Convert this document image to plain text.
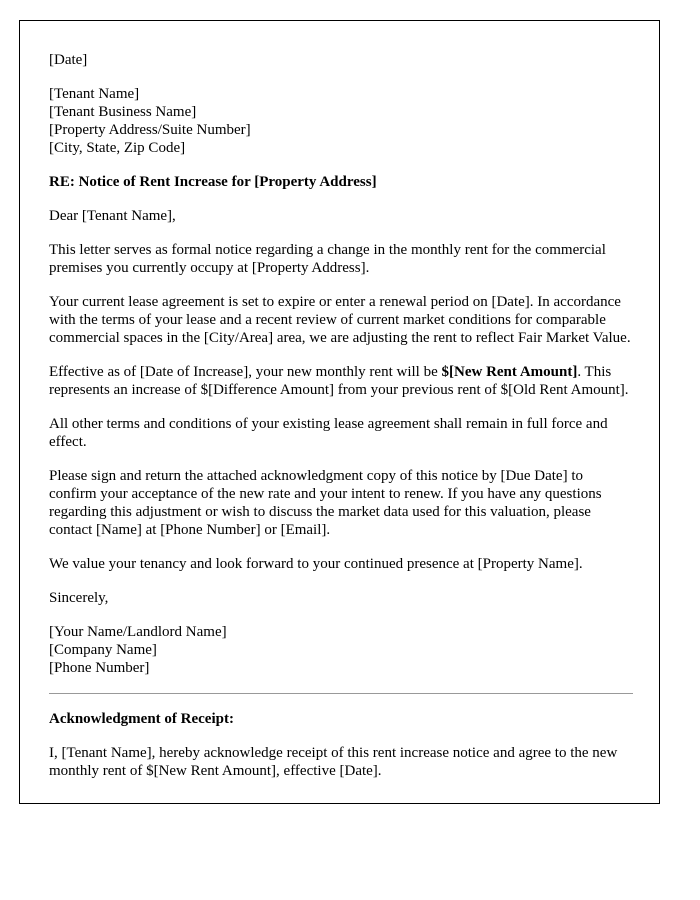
[Date]

[Tenant Name]
[Tenant Business Name]
[Property Address/Suite Number]
[City, State, Zip Code]

RE: Notice of Rent Increase for [Property Address]

Dear [Tenant Name],

This letter serves as formal notice regarding a change in the monthly rent for the commercial premises you currently occupy at [Property Address].

Your current lease agreement is set to expire or enter a renewal period on [Date]. In accordance with the terms of your lease and a recent review of current market conditions for comparable commercial spaces in the [City/Area] area, we are adjusting the rent to reflect Fair Market Value.

Effective as of [Date of Increase], your new monthly rent will be $[New Rent Amount]. This represents an increase of $[Difference Amount] from your previous rent of $[Old Rent Amount].

All other terms and conditions of your existing lease agreement shall remain in full force and effect.

Please sign and return the attached acknowledgment copy of this notice by [Due Date] to confirm your acceptance of the new rate and your intent to renew. If you have any questions regarding this adjustment or wish to discuss the market data used for this valuation, please contact [Name] at [Phone Number] or [Email].

We value your tenancy and look forward to your continued presence at [Property Name].

Sincerely,

[Your Name/Landlord Name]
[Company Name]
[Phone Number]

Acknowledgment of Receipt:

I, [Tenant Name], hereby acknowledge receipt of this rent increase notice and agree to the new monthly rent of $[New Rent Amount], effective [Date].
